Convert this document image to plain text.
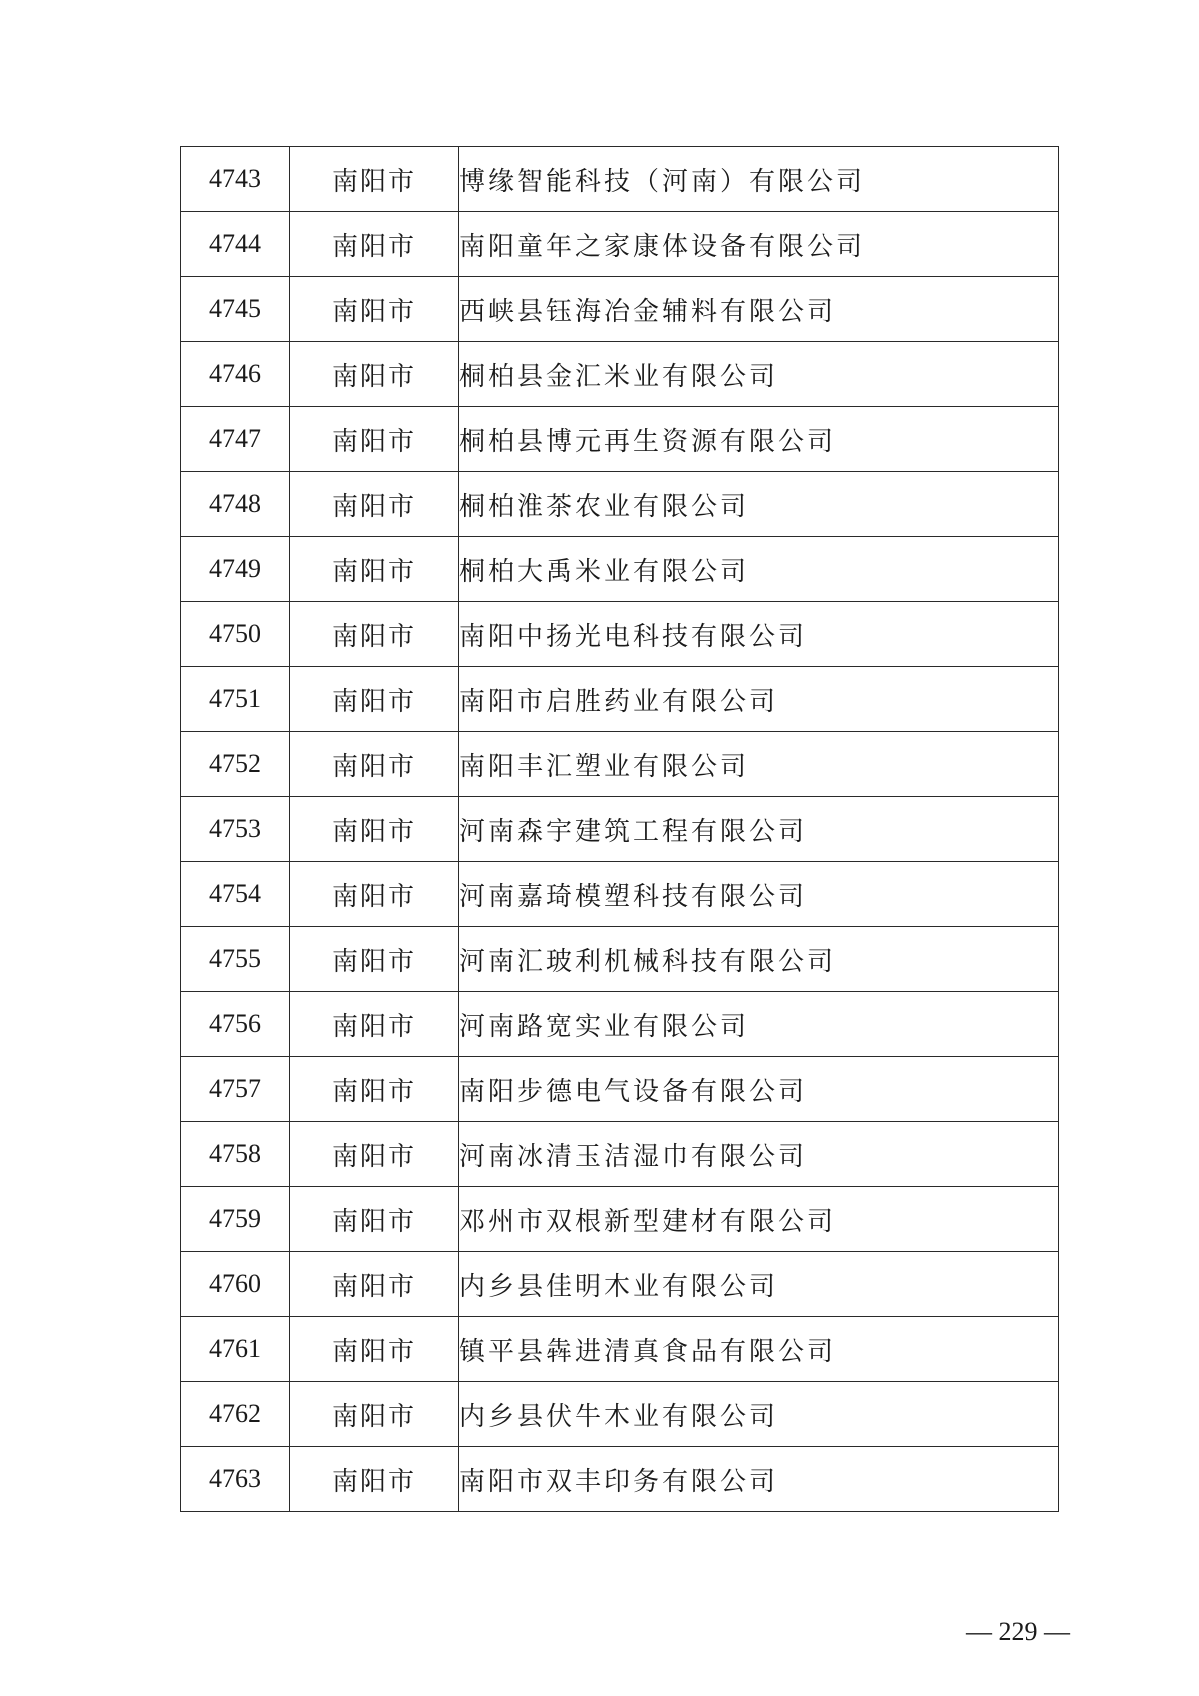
4743	南阳市	博缘智能科技（河南）有限公司
4744	南阳市	南阳童年之家康体设备有限公司
4745	南阳市	西峡县钰海冶金辅料有限公司
4746	南阳市	桐柏县金汇米业有限公司
4747	南阳市	桐柏县博元再生资源有限公司
4748	南阳市	桐柏淮茶农业有限公司
4749	南阳市	桐柏大禹米业有限公司
4750	南阳市	南阳中扬光电科技有限公司
4751	南阳市	南阳市启胜药业有限公司
4752	南阳市	南阳丰汇塑业有限公司
4753	南阳市	河南森宇建筑工程有限公司
4754	南阳市	河南嘉琦模塑科技有限公司
4755	南阳市	河南汇玻利机械科技有限公司
4756	南阳市	河南路宽实业有限公司
4757	南阳市	南阳步德电气设备有限公司
4758	南阳市	河南冰清玉洁湿巾有限公司
4759	南阳市	邓州市双根新型建材有限公司
4760	南阳市	内乡县佳明木业有限公司
4761	南阳市	镇平县犇进清真食品有限公司
4762	南阳市	内乡县伏牛木业有限公司
4763	南阳市	南阳市双丰印务有限公司
— 229 —
